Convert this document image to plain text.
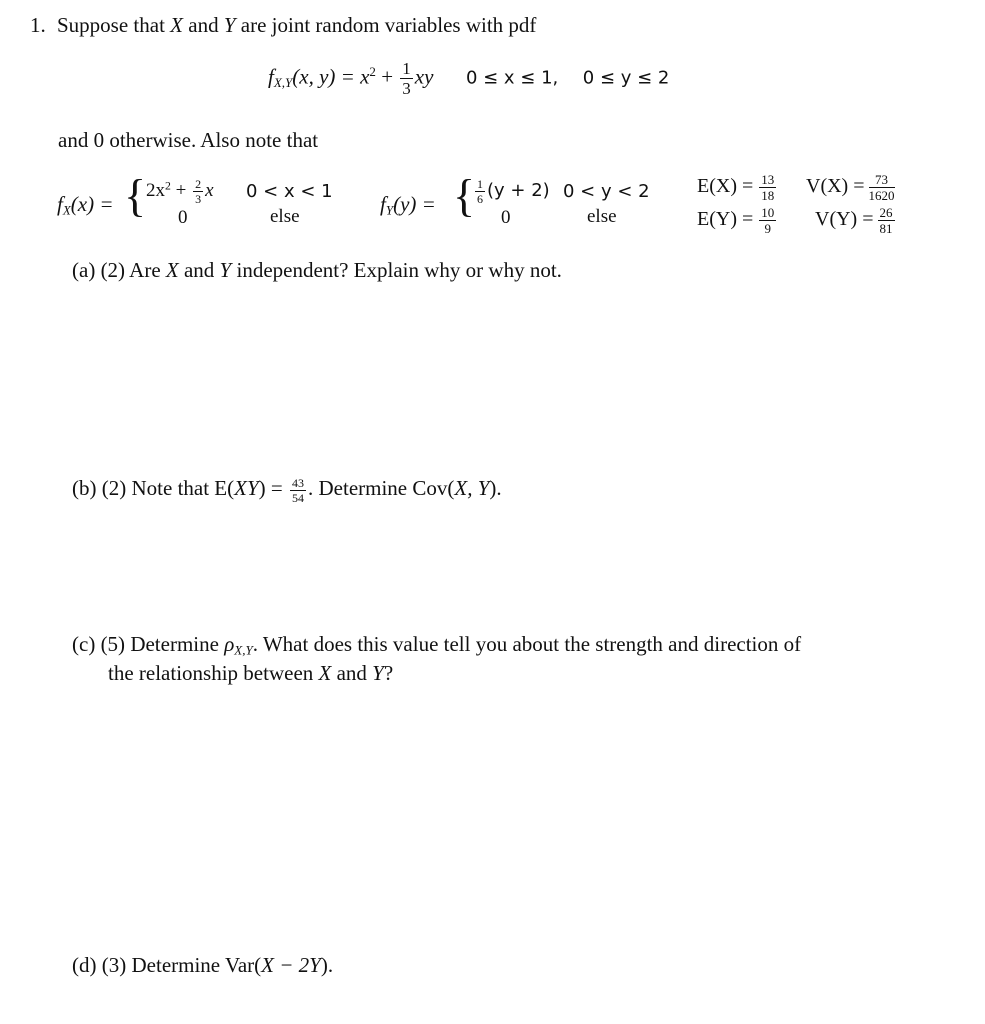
1. Suppose that X and Y are joint random variables with pdf
$f_{X,Y}(x$, $y) = x^2 + \frac{1}{3}$ xy 0 ≤ x ≤ 1, 0 ≤ y ≤ 2
and 0 otherwise. Also note that
$f_X(x)$ = { $2x^2 + \frac{2}{3}$ x 0 < x < 1
0	else
$f_Y(y)$ = { $\frac{1}{6} (y + 2) 0 < y < 2$
0	else
$E(X) = \frac{13}{18} V(X) = \frac{73}{1620}$
$E(Y) = \frac{10}{9} V(Y) = \frac{26}{81}$
(a) (2) Are X and Y independent? Explain why or why not.
(b) (2) Note that $E(XY) = \frac{43}{54}$ . Determine Cov(X, Y).
(c) (5) Determine $\rho_{X,Y}$. What does this value tell you about the strength and direction of
the relationship between X and Y?
(d) (3) Determine Var(X − 2Y).
